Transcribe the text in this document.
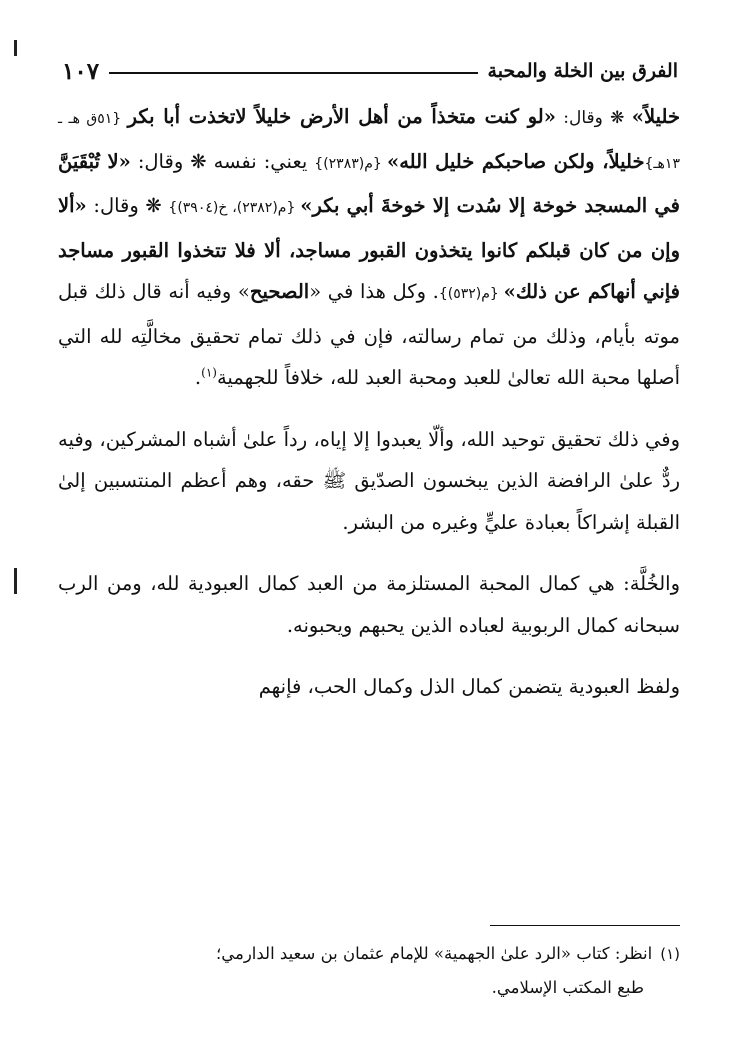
الفرق بين الخلة والمحبة
١٠٧

خليلاً» ❋ وقال: «لو كنت متخذاً من أهل الأرض خليلاً لاتخذت أبا بكر {٥١ق هـ ـ ١٣هـ}خليلاً، ولكن صاحبكم خليل الله» {م(٢٣٨٣)} يعني: نفسه ❋ وقال: «لا تُبْقَيَنَّ في المسجد خوخة إلا سُدت إلا خوخةَ أبي بكر» {م(٢٣٨٢)، خ(٣٩٠٤)} ❋ وقال: «ألا وإن من كان قبلكم كانوا يتخذون القبور مساجد، ألا فلا تتخذوا القبور مساجد فإني أنهاكم عن ذلك» {م(٥٣٢)}. وكل هذا في «الصحيح» وفيه أنه قال ذلك قبل موته بأيام، وذلك من تمام رسالته، فإن في ذلك تمام تحقيق مخالَّتِه لله التي أصلها محبة الله تعالىٰ للعبد ومحبة العبد لله، خلافاً للجهمية$^{(١)}$.

وفي ذلك تحقيق توحيد الله، وألّا يعبدوا إلا إياه، رداً علىٰ أشباه المشركين، وفيه ردٌّ علىٰ الرافضة الذين يبخسون الصدّيق ﷺ حقه، وهم أعظم المنتسبين إلىٰ القبلة إشراكاً بعبادة عليٍّ وغيره من البشر.

والخُلَّة: هي كمال المحبة المستلزمة من العبد كمال العبودية لله، ومن الرب سبحانه كمال الربوبية لعباده الذين يحبهم ويحبونه.

ولفظ العبودية يتضمن كمال الذل وكمال الحب، فإنهم

(١)انظر: كتاب «الرد علىٰ الجهمية» للإمام عثمان بن سعيد الدارمي؛
طبع المكتب الإسلامي.
